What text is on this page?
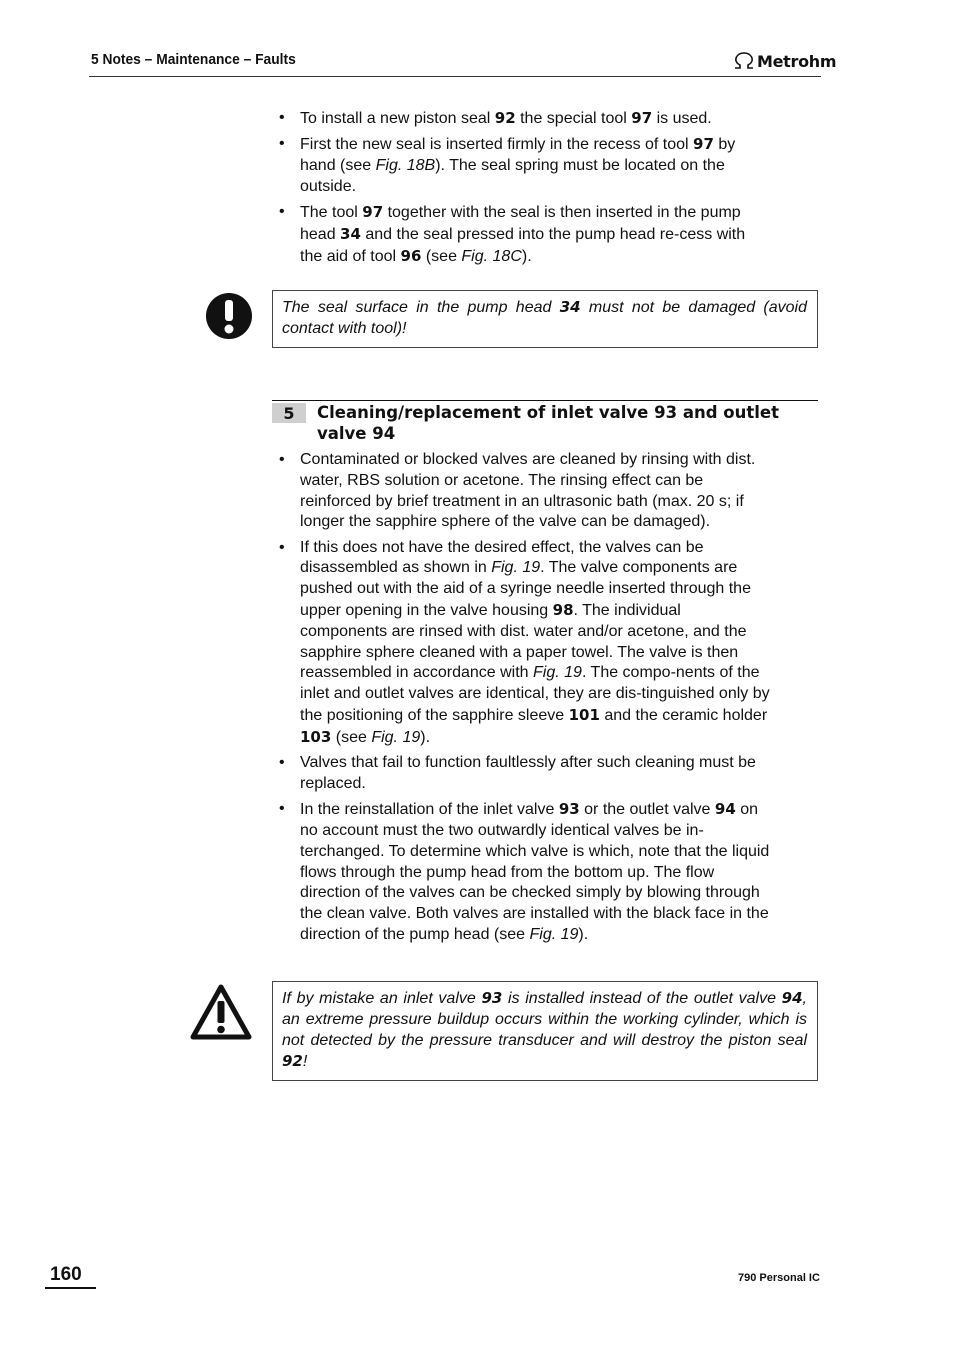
5 Notes – Maintenance – Faults	Metrohm
• To install a new piston seal 92 the special tool 97 is used.
• First the new seal is inserted firmly in the recess of tool 97 by hand (see Fig. 18B). The seal spring must be located on the outside.
• The tool 97 together with the seal is then inserted in the pump head 34 and the seal pressed into the pump head re-cess with the aid of tool 96 (see Fig. 18C).
The seal surface in the pump head 34 must not be damaged (avoid contact with tool)!
5	Cleaning/replacement of inlet valve 93 and outlet valve 94
• Contaminated or blocked valves are cleaned by rinsing with dist. water, RBS solution or acetone. The rinsing effect can be reinforced by brief treatment in an ultrasonic bath (max. 20 s; if longer the sapphire sphere of the valve can be damaged).
• If this does not have the desired effect, the valves can be disassembled as shown in Fig. 19. The valve components are pushed out with the aid of a syringe needle inserted through the upper opening in the valve housing 98. The individual components are rinsed with dist. water and/or acetone, and the sapphire sphere cleaned with a paper towel. The valve is then reassembled in accordance with Fig. 19. The compo-nents of the inlet and outlet valves are identical, they are dis-tinguished only by the positioning of the sapphire sleeve 101 and the ceramic holder 103 (see Fig. 19).
• Valves that fail to function faultlessly after such cleaning must be replaced.
• In the reinstallation of the inlet valve 93 or the outlet valve 94 on no account must the two outwardly identical valves be in-terchanged. To determine which valve is which, note that the liquid flows through the pump head from the bottom up. The flow direction of the valves can be checked simply by blowing through the clean valve. Both valves are installed with the black face in the direction of the pump head (see Fig. 19).
If by mistake an inlet valve 93 is installed instead of the outlet valve 94, an extreme pressure buildup occurs within the working cylinder, which is not detected by the pressure transducer and will destroy the piston seal 92!
160	790 Personal IC
